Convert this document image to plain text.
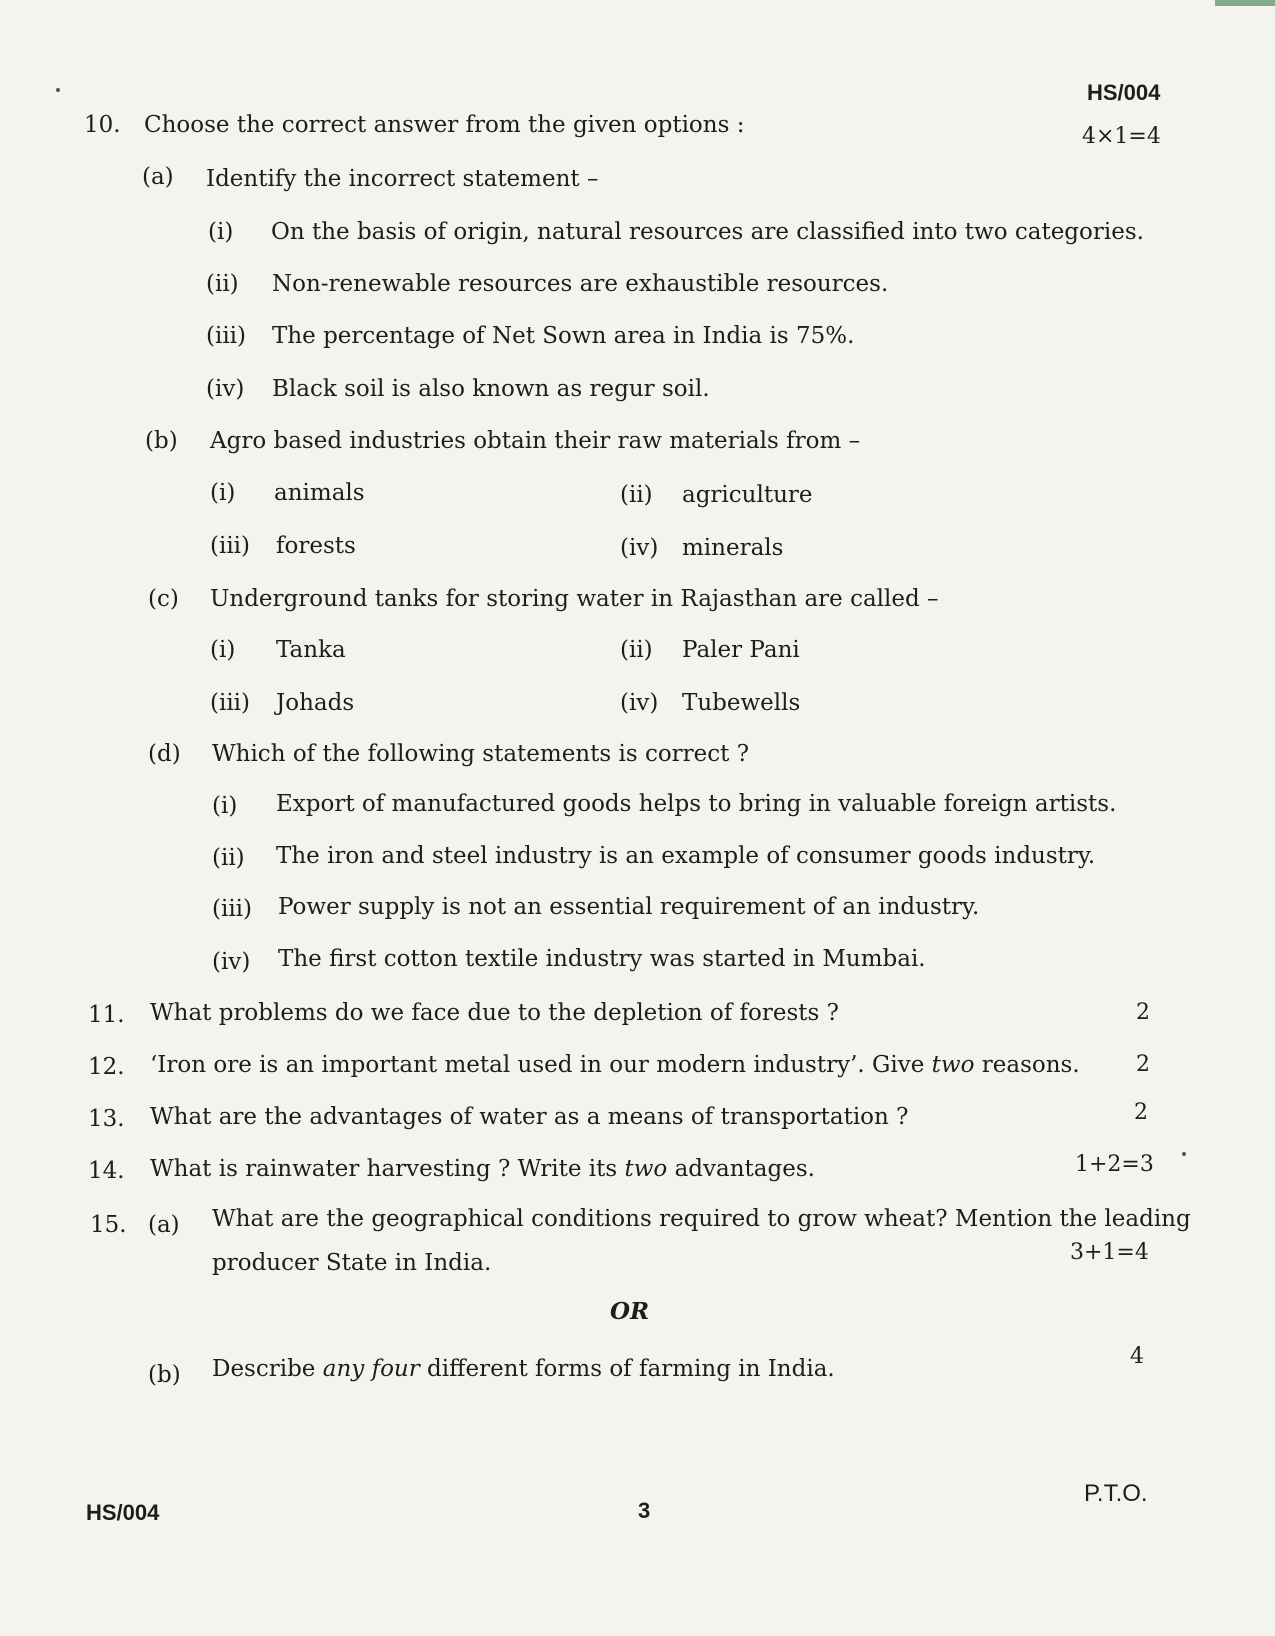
HS/004
10. Choose the correct answer from the given options :	4×1=4
(a) Identify the incorrect statement –
(i) On the basis of origin, natural resources are classified into two categories.
(ii) Non-renewable resources are exhaustible resources.
(iii) The percentage of Net Sown area in India is 75%.
(iv) Black soil is also known as regur soil.
(b) Agro based industries obtain their raw materials from –
(i) animals	(ii) agriculture
(iii) forests	(iv) minerals
(c) Underground tanks for storing water in Rajasthan are called –
(i) Tanka	(ii) Paler Pani
(iii) Johads	(iv) Tubewells
(d) Which of the following statements is correct ?
(i) Export of manufactured goods helps to bring in valuable foreign artists.
(ii) The iron and steel industry is an example of consumer goods industry.
(iii) Power supply is not an essential requirement of an industry.
(iv) The first cotton textile industry was started in Mumbai.
11. What problems do we face due to the depletion of forests ?	2
12. ‘Iron ore is an important metal used in our modern industry’. Give two reasons.	2
13. What are the advantages of water as a means of transportation ?	2
14. What is rainwater harvesting ? Write its two advantages.	1+2=3
15. (a) What are the geographical conditions required to grow wheat? Mention the leading
producer State in India.	3+1=4
OR
(b) Describe any four different forms of farming in India.	4
HS/004	3
P.T.O.
